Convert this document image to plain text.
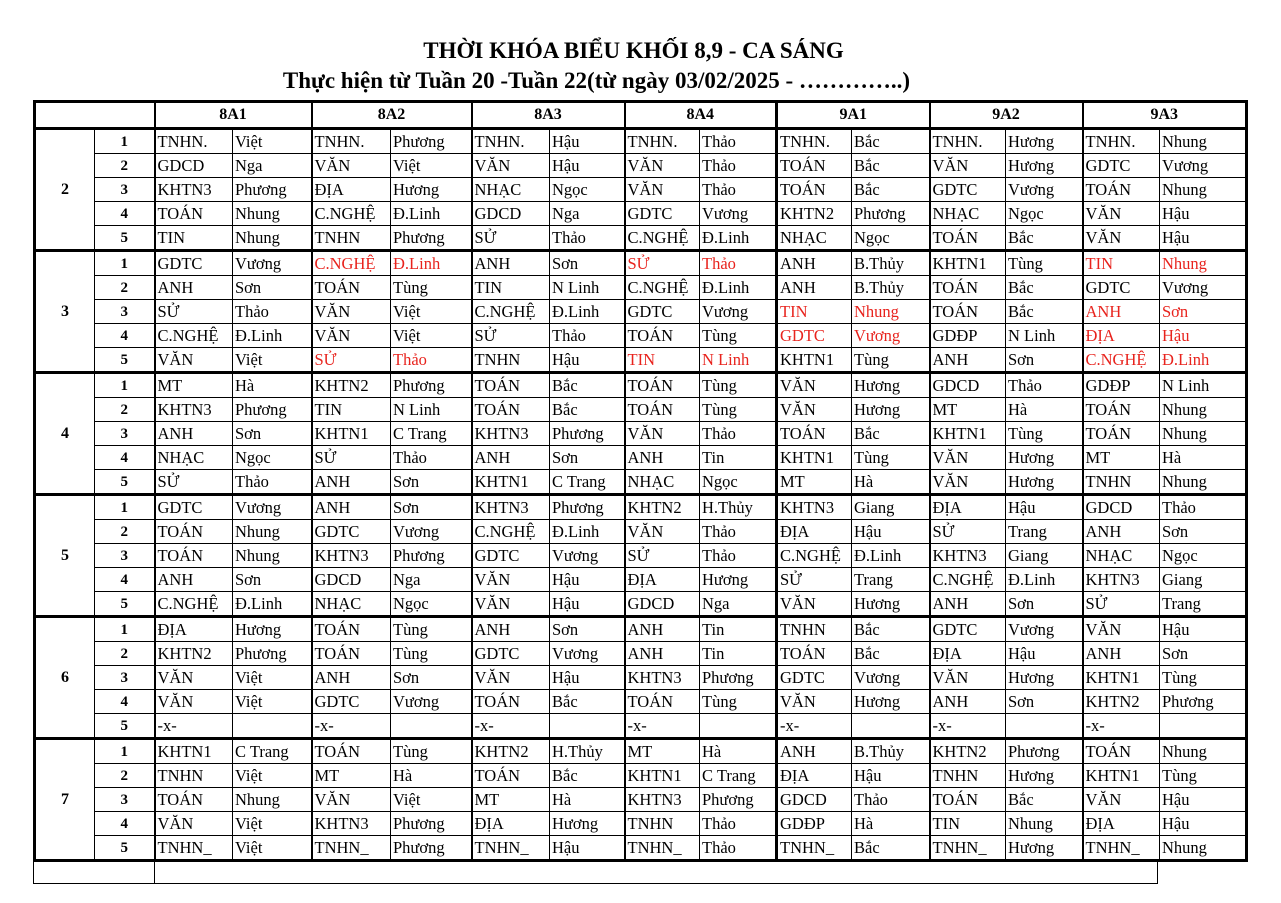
THỜI KHÓA BIỂU KHỐI 8,9 - CA SÁNG
Thực hiện từ Tuần 20 -Tuần 22(từ ngày 03/02/2025 - …………..)
		8A1		8A2		8A3		8A4		9A1		9A2		9A3	
2	1	TNHN.	Việt	TNHN.	Phương	TNHN.	Hậu	TNHN.	Thảo	TNHN.	Bắc	TNHN.	Hương	TNHN.	Nhung
	2	GDCD	Nga	VĂN	Việt	VĂN	Hậu	VĂN	Thảo	TOÁN	Bắc	VĂN	Hương	GDTC	Vương
	3	KHTN3	Phương	ĐỊA	Hương	NHẠC	Ngọc	VĂN	Thảo	TOÁN	Bắc	GDTC	Vương	TOÁN	Nhung
	4	TOÁN	Nhung	C.NGHỆ	Đ.Linh	GDCD	Nga	GDTC	Vương	KHTN2	Phương	NHẠC	Ngọc	VĂN	Hậu
	5	TIN	Nhung	TNHN	Phương	SỬ	Thảo	C.NGHỆ	Đ.Linh	NHẠC	Ngọc	TOÁN	Bắc	VĂN	Hậu
3	1	GDTC	Vương	C.NGHỆ	Đ.Linh	ANH	Sơn	SỬ	Thảo	ANH	B.Thủy	KHTN1	Tùng	TIN	Nhung
	2	ANH	Sơn	TOÁN	Tùng	TIN	N Linh	C.NGHỆ	Đ.Linh	ANH	B.Thủy	TOÁN	Bắc	GDTC	Vương
	3	SỬ	Thảo	VĂN	Việt	C.NGHỆ	Đ.Linh	GDTC	Vương	TIN	Nhung	TOÁN	Bắc	ANH	Sơn
	4	C.NGHỆ	Đ.Linh	VĂN	Việt	SỬ	Thảo	TOÁN	Tùng	GDTC	Vương	GDĐP	N Linh	ĐỊA	Hậu
	5	VĂN	Việt	SỬ	Thảo	TNHN	Hậu	TIN	N Linh	KHTN1	Tùng	ANH	Sơn	C.NGHỆ	Đ.Linh
4	1	MT	Hà	KHTN2	Phương	TOÁN	Bắc	TOÁN	Tùng	VĂN	Hương	GDCD	Thảo	GDĐP	N Linh
	2	KHTN3	Phương	TIN	N Linh	TOÁN	Bắc	TOÁN	Tùng	VĂN	Hương	MT	Hà	TOÁN	Nhung
	3	ANH	Sơn	KHTN1	C Trang	KHTN3	Phương	VĂN	Thảo	TOÁN	Bắc	KHTN1	Tùng	TOÁN	Nhung
	4	NHẠC	Ngọc	SỬ	Thảo	ANH	Sơn	ANH	Tin	KHTN1	Tùng	VĂN	Hương	MT	Hà
	5	SỬ	Thảo	ANH	Sơn	KHTN1	C Trang	NHẠC	Ngọc	MT	Hà	VĂN	Hương	TNHN	Nhung
5	1	GDTC	Vương	ANH	Sơn	KHTN3	Phương	KHTN2	H.Thủy	KHTN3	Giang	ĐỊA	Hậu	GDCD	Thảo
	2	TOÁN	Nhung	GDTC	Vương	C.NGHỆ	Đ.Linh	VĂN	Thảo	ĐỊA	Hậu	SỬ	Trang	ANH	Sơn
	3	TOÁN	Nhung	KHTN3	Phương	GDTC	Vương	SỬ	Thảo	C.NGHỆ	Đ.Linh	KHTN3	Giang	NHẠC	Ngọc
	4	ANH	Sơn	GDCD	Nga	VĂN	Hậu	ĐỊA	Hương	SỬ	Trang	C.NGHỆ	Đ.Linh	KHTN3	Giang
	5	C.NGHỆ	Đ.Linh	NHẠC	Ngọc	VĂN	Hậu	GDCD	Nga	VĂN	Hương	ANH	Sơn	SỬ	Trang
6	1	ĐỊA	Hương	TOÁN	Tùng	ANH	Sơn	ANH	Tin	TNHN	Bắc	GDTC	Vương	VĂN	Hậu
	2	KHTN2	Phương	TOÁN	Tùng	GDTC	Vương	ANH	Tin	TOÁN	Bắc	ĐỊA	Hậu	ANH	Sơn
	3	VĂN	Việt	ANH	Sơn	VĂN	Hậu	KHTN3	Phương	GDTC	Vương	VĂN	Hương	KHTN1	Tùng
	4	VĂN	Việt	GDTC	Vương	TOÁN	Bắc	TOÁN	Tùng	VĂN	Hương	ANH	Sơn	KHTN2	Phương
	5	-x-		-x-		-x-		-x-		-x-		-x-		-x-	
7	1	KHTN1	C Trang	TOÁN	Tùng	KHTN2	H.Thủy	MT	Hà	ANH	B.Thủy	KHTN2	Phương	TOÁN	Nhung
	2	TNHN	Việt	MT	Hà	TOÁN	Bắc	KHTN1	C Trang	ĐỊA	Hậu	TNHN	Hương	KHTN1	Tùng
	3	TOÁN	Nhung	VĂN	Việt	MT	Hà	KHTN3	Phương	GDCD	Thảo	TOÁN	Bắc	VĂN	Hậu
	4	VĂN	Việt	KHTN3	Phương	ĐỊA	Hương	TNHN	Thảo	GDĐP	Hà	TIN	Nhung	ĐỊA	Hậu
	5	TNHN_	Việt	TNHN_	Phương	TNHN_	Hậu	TNHN_	Thảo	TNHN_	Bắc	TNHN_	Hương	TNHN_	Nhung
